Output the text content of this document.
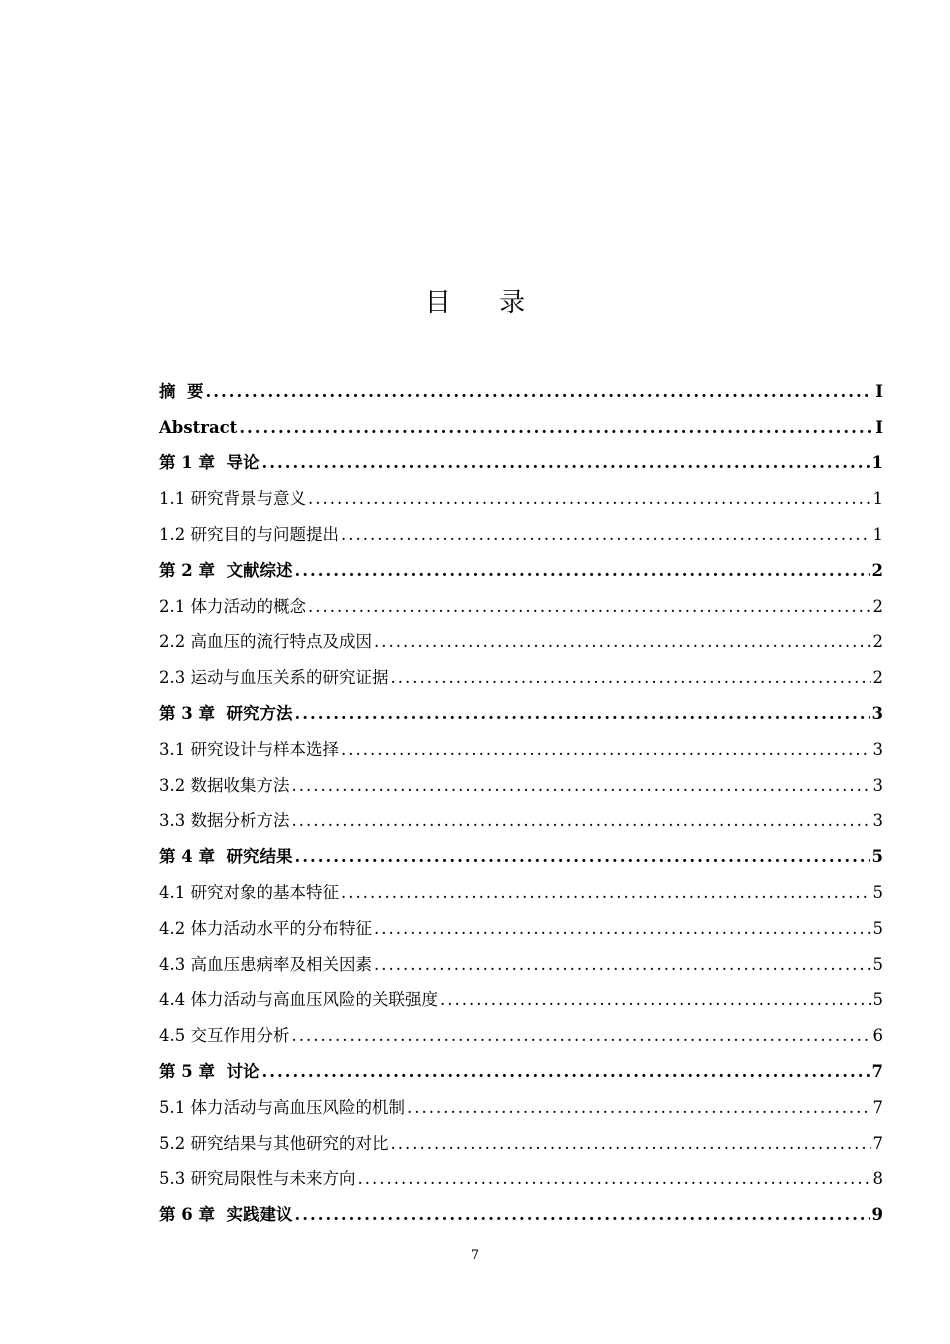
目 录
摘  要 .....	I
Abstract .....	I
第 1 章  导论 .....	1
1.1 研究背景与意义 .....	1
1.2 研究目的与问题提出 .....	1
第 2 章  文献综述 .....	2
2.1 体力活动的概念 .....	2
2.2 高血压的流行特点及成因 .....	2
2.3 运动与血压关系的研究证据 .....	2
第 3 章  研究方法 .....	3
3.1 研究设计与样本选择 .....	3
3.2 数据收集方法 .....	3
3.3 数据分析方法 .....	3
第 4 章  研究结果 .....	5
4.1 研究对象的基本特征 .....	5
4.2 体力活动水平的分布特征 .....	5
4.3 高血压患病率及相关因素 .....	5
4.4 体力活动与高血压风险的关联强度 .....	5
4.5 交互作用分析 .....	6
第 5 章  讨论 .....	7
5.1 体力活动与高血压风险的机制 .....	7
5.2 研究结果与其他研究的对比 .....	7
5.3 研究局限性与未来方向 .....	8
第 6 章  实践建议 .....	9
7
